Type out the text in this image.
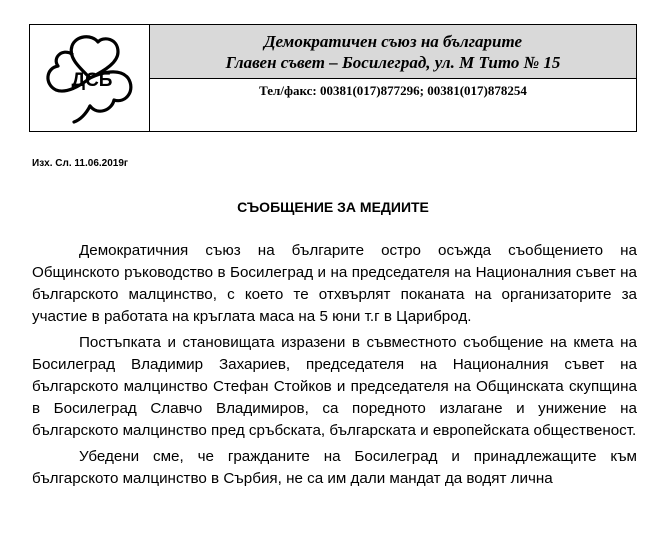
ДСБ
Демократичен съюз на българите
Главен съвет – Босилеград, ул. М Тито № 15
Тел/факс: 00381(017)877296; 00381(017)878254
Изх. Сл. 11.06.2019г
СЪОБЩЕНИЕ ЗА МЕДИИТЕ

Демократичния съюз на българите остро осъжда съобщението на Общинското ръководство в Босилеград и на председателя на Националния съвет на българското малцинство, с което те отхвърлят поканата на организаторите за участие в работата на кръглата маса на 5 юни т.г в Цариброд.

Постъпката и становищата изразени в съвместното съобщение на кмета на Босилеград Владимир Захариев, председателя на Националния съвет на българското малцинство Стефан Стойков и председателя на Общинската скупщина в Босилеград Славчо Владимиров, са поредното излагане и унижение на българското малцинство пред сръбската, българската и европейската общественост.

Убедени сме, че гражданите на Босилеград и принадлежащите към българското малцинство в Сърбия, не са им дали мандат да водят лична
